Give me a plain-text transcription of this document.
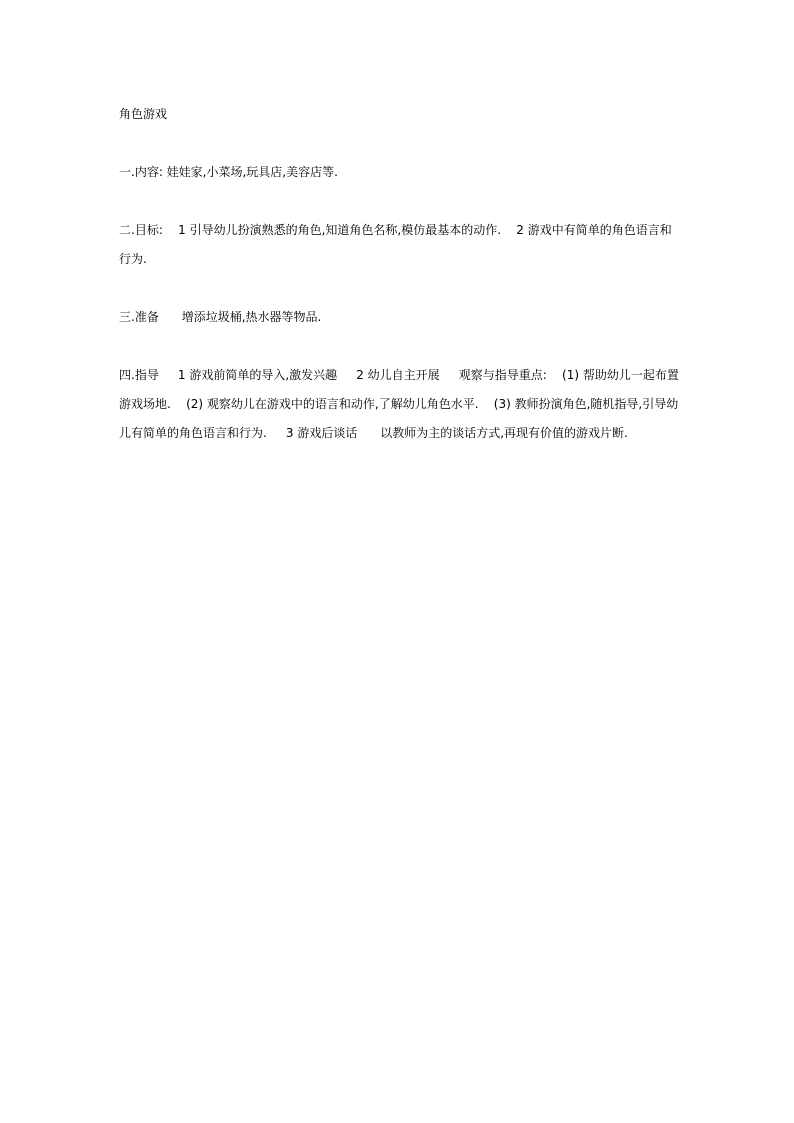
角色游戏

一.内容: 娃娃家,小菜场,玩具店,美容店等.

二.目标:    1 引导幼儿扮演熟悉的角色,知道角色名称,模仿最基本的动作.    2 游戏中有简单的角色语言和行为.

三.准备      增添垃圾桶,热水器等物品.

四.指导     1 游戏前简单的导入,激发兴趣     2 幼儿自主开展     观察与指导重点:    (1) 帮助幼儿一起布置游戏场地.    (2) 观察幼儿在游戏中的语言和动作,了解幼儿角色水平.    (3) 教师扮演角色,随机指导,引导幼儿有简单的角色语言和行为.     3 游戏后谈话      以教师为主的谈话方式,再现有价值的游戏片断.
